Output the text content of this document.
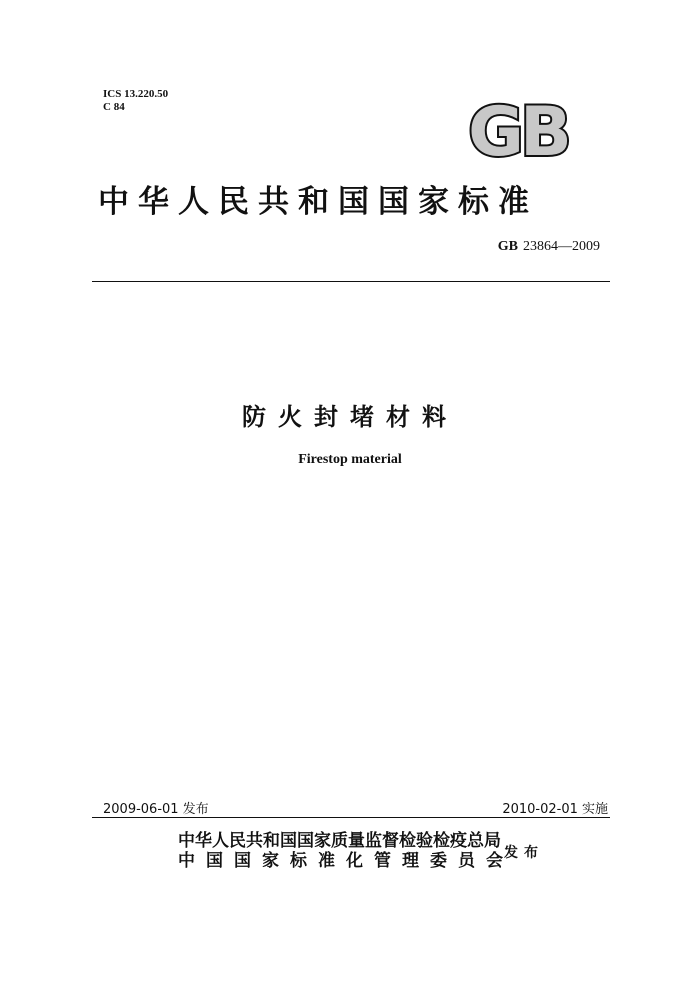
ICS 13.220.50
C 84	GB
中华人民共和国国家标准
GB 23864—2009
防火封堵材料
Firestop material
2009-06-01 发布	2010-02-01 实施
中华人民共和国国家质量监督检验检疫总局
中国国家标准化管理委员会
发布
